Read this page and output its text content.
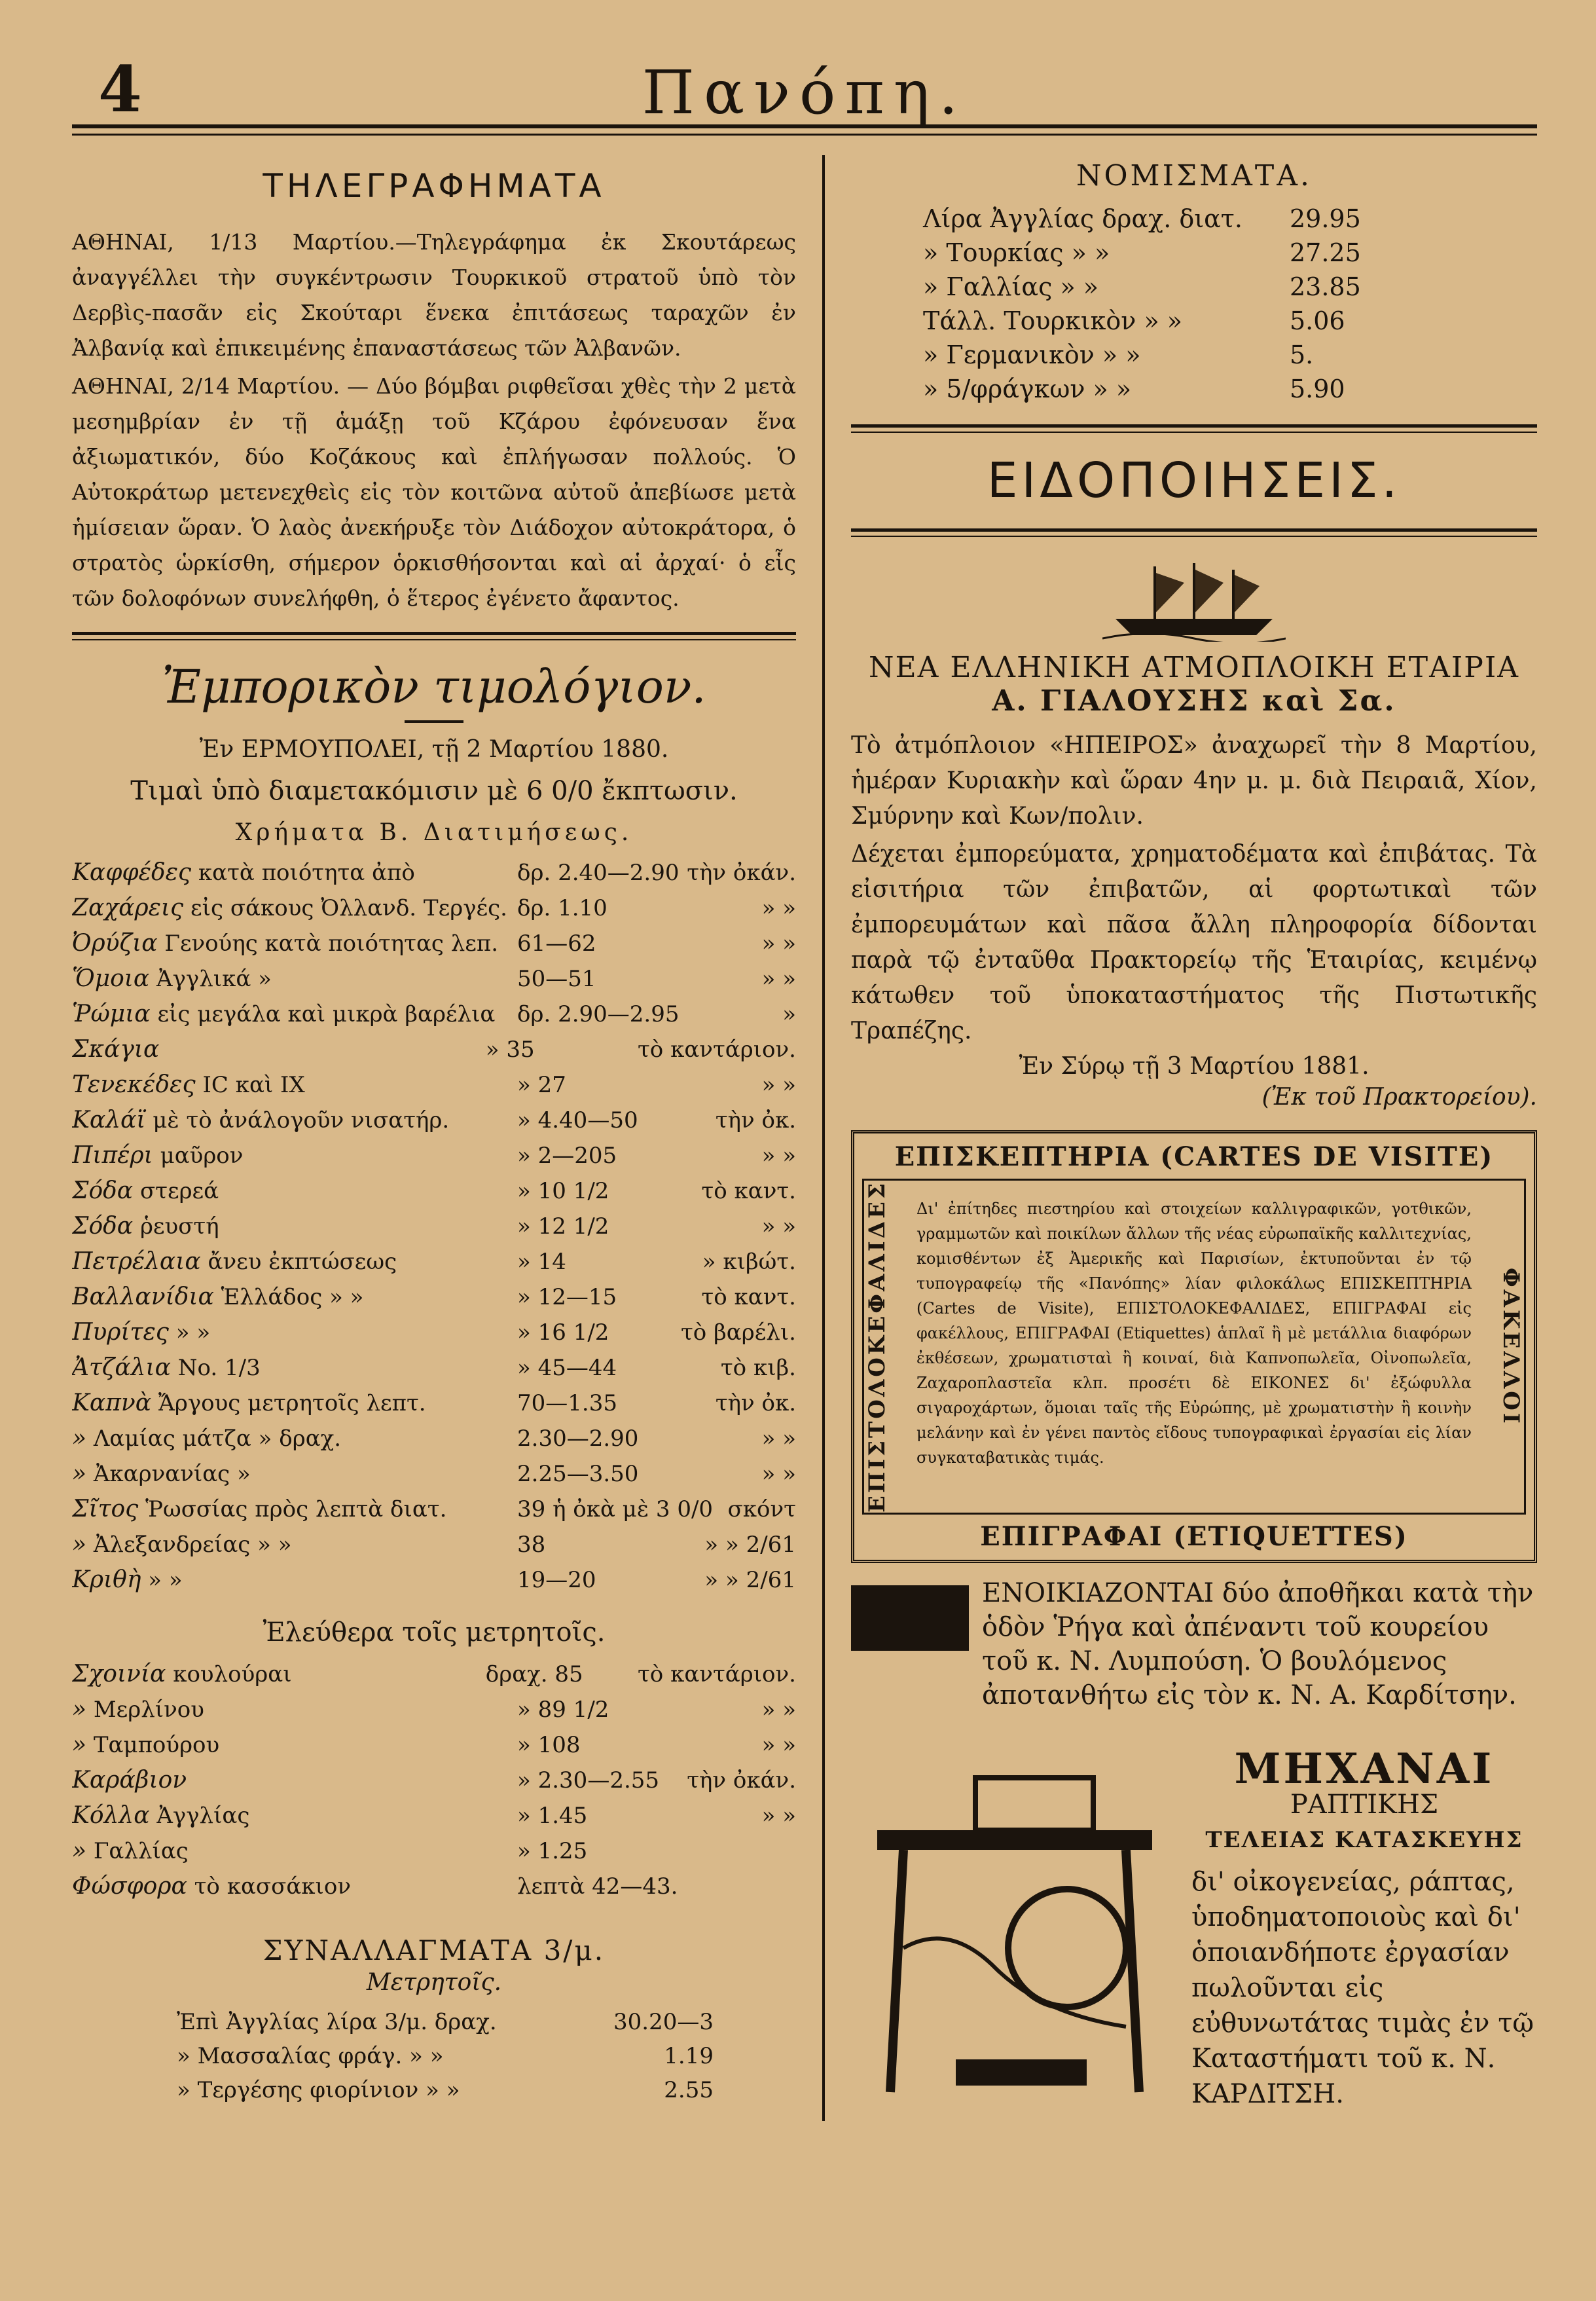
4	Πανόπη.
ΤΗΛΕΓΡΑΦΗΜΑΤΑ

ΑΘΗΝΑΙ, 1/13 Μαρτίου.—Τηλεγράφημα ἐκ Σκουτάρεως ἀναγγέλλει τὴν συγκέντρωσιν Τουρκικοῦ στρατοῦ ὑπὸ τὸν Δερβὶς-πασᾶν εἰς Σκούταρι ἕνεκα ἐπιτάσεως ταραχῶν ἐν Ἀλβανίᾳ καὶ ἐπικειμένης ἐπαναστάσεως τῶν Ἀλβανῶν.

ΑΘΗΝΑΙ, 2/14 Μαρτίου. — Δύο βόμβαι ριφθεῖσαι χθὲς τὴν 2 μετὰ μεσημβρίαν ἐν τῇ ἁμάξῃ τοῦ Κζάρου ἐφόνευσαν ἕνα ἀξιωματικόν, δύο Κοζάκους καὶ ἐπλήγωσαν πολλούς. Ὁ Αὐτοκράτωρ μετενεχθεὶς εἰς τὸν κοιτῶνα αὐτοῦ ἀπεβίωσε μετὰ ἡμίσειαν ὥραν. Ὁ λαὸς ἀνεκήρυξε τὸν Διάδοχον αὐτοκράτορα, ὁ στρατὸς ὡρκίσθη, σήμερον ὁρκισθήσονται καὶ αἱ ἀρχαί· ὁ εἷς τῶν δολοφόνων συνελήφθη, ὁ ἕτερος ἐγένετο ἄφαντος.

Ἐμπορικὸν τιμολόγιον.
Ἐν ΕΡΜΟΥΠΟΛΕΙ, τῇ 2 Μαρτίου 1880.
Τιμαὶ ὑπὸ διαμετακόμισιν μὲ 6 0/0 ἔκπτωσιν.
Χρήματα Β. Διατιμήσεως.
Καφφέδες κατὰ ποιότητα ἀπὸ	δρ. 2.40—2.90 τὴν ὀκάν.
Ζαχάρεις εἰς σάκους Ὀλλανδ. Τεργές. δρ. 1.10	» »
Ὀρύζια Γενούης κατὰ ποιότητας λεπ. 61—62	» »
Ὅμοια Ἀγγλικά »	50—51	» »
Ῥώμια εἰς μεγάλα καὶ μικρὰ βαρέλια δρ. 2.90—2.95	»
Σκάγια	» 35	τὸ καντάριον.
Τενεκέδες IC καὶ IX	» 27	» »
Καλάϊ μὲ τὸ ἀνάλογοῦν νισατήρ.	» 4.40—50	τὴν ὀκ.
Πιπέρι μαῦρον	» 2—205	» »
Σόδα στερεά	» 10 1/2	τὸ καντ.
Σόδα ῥευστή	» 12 1/2	» »
Πετρέλαια ἄνευ ἐκπτώσεως	» 14	» κιβώτ.
Βαλλανίδια Ἑλλάδος » »	» 12—15	τὸ καντ.
Πυρίτες » »	» 16 1/2	τὸ βαρέλι.
Ἀτζάλια No. 1/3	» 45—44	τὸ κιβ.
Καπνὰ Ἄργους μετρητοῖς λεπτ.	70—1.35	τὴν ὀκ.
» Λαμίας μάτζα » δραχ.	2.30—2.90	» »
» Ἀκαρνανίας »	2.25—3.50	» »
Σῖτος Ῥωσσίας πρὸς λεπτὰ διατ.	39 ἡ ὀκὰ μὲ 3 0/0 σκόντ
» Ἀλεξανδρείας » »	38	» » 2/61
Κριθὴ » »	19—20	» » 2/61
Ἐλεύθερα τοῖς μετρητοῖς.
Σχοινία κουλούραι	δραχ. 85	τὸ καντάριον.
» Μερλίνου	» 89 1/2	» »
» Ταμπούρου	» 108	» »
Καράβιον	» 2.30—2.55	τὴν ὀκάν.
Κόλλα Ἀγγλίας	» 1.45	» »
» Γαλλίας	» 1.25
Φώσφορα τὸ κασσάκιον	λεπτὰ 42—43.
ΣΥΝΑΛΛΑΓΜΑΤΑ 3/μ.
Μετρητοῖς.
Ἐπὶ Ἀγγλίας λίρα 3/μ. δραχ.	30.20—3
» Μασσαλίας φράγ. » »	1.19
» Τεργέσης φιορίνιον » »	2.55
ΝΟΜΙΣΜΑΤΑ.
Λίρα Ἀγγλίας δραχ. διατ.	29.95
» Τουρκίας » »	27.25
» Γαλλίας » »	23.85
Τάλλ. Τουρκικὸν » »	5.06
» Γερμανικὸν » »	5.
» 5/φράγκων » »	5.90
ΕΙΔΟΠΟΙΗΣΕΙΣ.
ΝΕΑ ΕΛΛΗΝΙΚΗ ΑΤΜΟΠΛΟΙΚΗ ΕΤΑΙΡΙΑ
Α. ΓΙΑΛΟΥΣΗΣ καὶ Σα.

Τὸ ἀτμόπλοιον «ΗΠΕΙΡΟΣ» ἀναχωρεῖ τὴν 8 Μαρτίου, ἡμέραν Κυριακὴν καὶ ὥραν 4ην μ. μ. διὰ Πειραιᾶ, Χίον, Σμύρνην καὶ Κων/πολιν.

Δέχεται ἐμπορεύματα, χρηματοδέματα καὶ ἐπιβάτας. Τὰ εἰσιτήρια τῶν ἐπιβατῶν, αἱ φορτωτικαὶ τῶν ἐμπορευμάτων καὶ πᾶσα ἄλλη πληροφορία δίδονται παρὰ τῷ ἐνταῦθα Πρακτορείῳ τῆς Ἑταιρίας, κειμένῳ κάτωθεν τοῦ ὑποκαταστήματος τῆς Πιστωτικῆς Τραπέζης.

Ἐν Σύρῳ τῇ 3 Μαρτίου 1881.
(Ἐκ τοῦ Πρακτορείου).
ΕΠΙΣΚΕΠΤΗΡΙΑ (CARTES DE VISITE)
ΕΠΙΣΤΟΛΟΚΕΦΑΛΙΔΕΣ	Δι' ἐπίτηδες πιεστηρίου καὶ στοιχείων καλλιγραφικῶν, γοτθικῶν, γραμμωτῶν καὶ ποικίλων ἄλλων τῆς νέας εὐρωπαϊκῆς καλλιτεχνίας, κομισθέντων ἐξ Ἀμερικῆς καὶ Παρισίων, ἐκτυποῦνται ἐν τῷ τυπογραφείῳ τῆς «Πανόπης» λίαν φιλοκάλως ΕΠΙΣΚΕΠΤΗΡΙΑ (Cartes de Visite), ΕΠΙΣΤΟΛΟΚΕΦΑΛΙΔΕΣ, ΕΠΙΓΡΑΦΑΙ εἰς φακέλλους, ΕΠΙΓΡΑΦΑΙ (Etiquettes) ἁπλαῖ ἢ μὲ μετάλλια διαφόρων ἐκθέσεων, χρωματισταὶ ἢ κοιναί, διὰ Καπνοπωλεῖα, Οἰνοπωλεῖα, Ζαχαροπλαστεῖα κλπ. προσέτι δὲ ΕΙΚΟΝΕΣ δι' ἐξώφυλλα σιγαροχάρτων, ὅμοιαι ταῖς τῆς Εὐρώπης, μὲ χρωματιστὴν ἢ κοινὴν μελάνην καὶ ἐν γένει παντὸς εἴδους τυπογραφικαὶ ἐργασίαι εἰς λίαν συγκαταβατικὰς τιμάς.
ΦΑΚΕΛΛΟΙ
ΕΠΙΓΡΑΦΑΙ (ETIQUETTES)
ΕΝΟΙΚΙΑΖΟΝΤΑΙ δύο ἀποθῆκαι κατὰ τὴν ὁδὸν Ῥήγα καὶ ἀπέναντι τοῦ κουρείου τοῦ κ. Ν. Λυμπούση. Ὁ βουλόμενος ἀποτανθήτω εἰς τὸν κ. Ν. Α. Καρδίτσην.
ΜΗΧΑΝΑΙ
ΡΑΠΤΙΚΗΣ
ΤΕΛΕΙΑΣ ΚΑΤΑΣΚΕΥΗΣ
δι' οἰκογενείας, ράπτας, ὑποδηματοποιοὺς καὶ δι' ὁποιανδήποτε ἐργασίαν πωλοῦνται εἰς εὐθυνωτάτας τιμὰς ἐν τῷ Καταστήματι τοῦ κ. Ν. ΚΑΡΔΙΤΣΗ.
